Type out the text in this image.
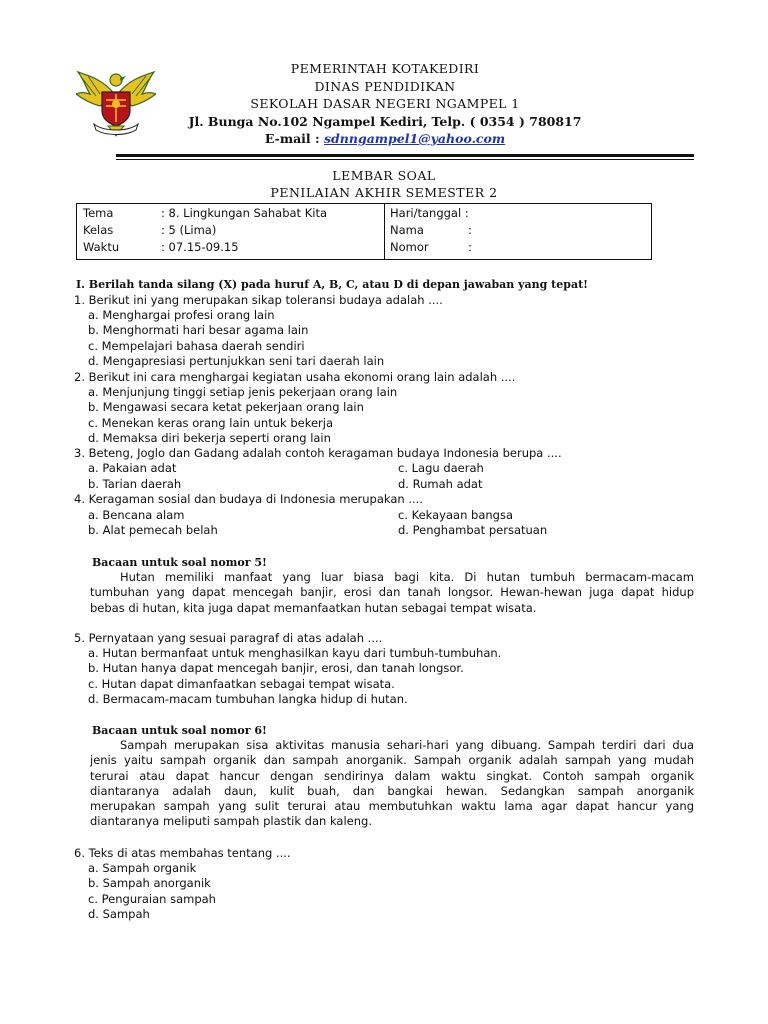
PEMERINTAH KOTAKEDIRI
DINAS PENDIDIKAN
SEKOLAH DASAR NEGERI NGAMPEL 1
Jl. Bunga No.102 Ngampel Kediri, Telp. ( 0354 ) 780817
E-mail : sdnngampel1@yahoo.com
LEMBAR SOAL
PENILAIAN AKHIR SEMESTER 2
Tema	: 8. Lingkungan Sahabat Kita
Kelas	: 5 (Lima)
Waktu	: 07.15-09.15
Hari/tanggal :
Nama	:
Nomor	:
I. Berilah tanda silang (X) pada huruf A, B, C, atau D di depan jawaban yang tepat!
1. Berikut ini yang merupakan sikap toleransi budaya adalah ....
a. Menghargai profesi orang lain
b. Menghormati hari besar agama lain
c. Mempelajari bahasa daerah sendiri
d. Mengapresiasi pertunjukkan seni tari daerah lain
2. Berikut ini cara menghargai kegiatan usaha ekonomi orang lain adalah ....
a. Menjunjung tinggi setiap jenis pekerjaan orang lain
b. Mengawasi secara ketat pekerjaan orang lain
c. Menekan keras orang lain untuk bekerja
d. Memaksa diri bekerja seperti orang lain
3. Beteng, Joglo dan Gadang adalah contoh keragaman budaya Indonesia berupa ....
a. Pakaian adat
b. Tarian daerah
c. Lagu daerah
d. Rumah adat
4. Keragaman sosial dan budaya di Indonesia merupakan ....
a. Bencana alam
b. Alat pemecah belah
c. Kekayaan bangsa
d. Penghambat persatuan
Bacaan untuk soal nomor 5!

Hutan memiliki manfaat yang luar biasa bagi kita. Di hutan tumbuh bermacam-macam

tumbuhan yang dapat mencegah banjir, erosi dan tanah longsor. Hewan-hewan juga dapat hidup

bebas di hutan, kita juga dapat memanfaatkan hutan sebagai tempat wisata.

5. Pernyataan yang sesuai paragraf di atas adalah ....
a. Hutan bermanfaat untuk menghasilkan kayu dari tumbuh-tumbuhan.
b. Hutan hanya dapat mencegah banjir, erosi, dan tanah longsor.
c. Hutan dapat dimanfaatkan sebagai tempat wisata.
d. Bermacam-macam tumbuhan langka hidup di hutan.
Bacaan untuk soal nomor 6!

Sampah merupakan sisa aktivitas manusia sehari-hari yang dibuang. Sampah terdiri dari dua

jenis yaitu sampah organik dan sampah anorganik. Sampah organik adalah sampah yang mudah

terurai atau dapat hancur dengan sendirinya dalam waktu singkat. Contoh sampah organik

diantaranya adalah daun, kulit buah, dan bangkai hewan. Sedangkan sampah anorganik

merupakan sampah yang sulit terurai atau membutuhkan waktu lama agar dapat hancur yang

diantaranya meliputi sampah plastik dan kaleng.

6. Teks di atas membahas tentang ....
a. Sampah organik
b. Sampah anorganik
c. Penguraian sampah
d. Sampah
